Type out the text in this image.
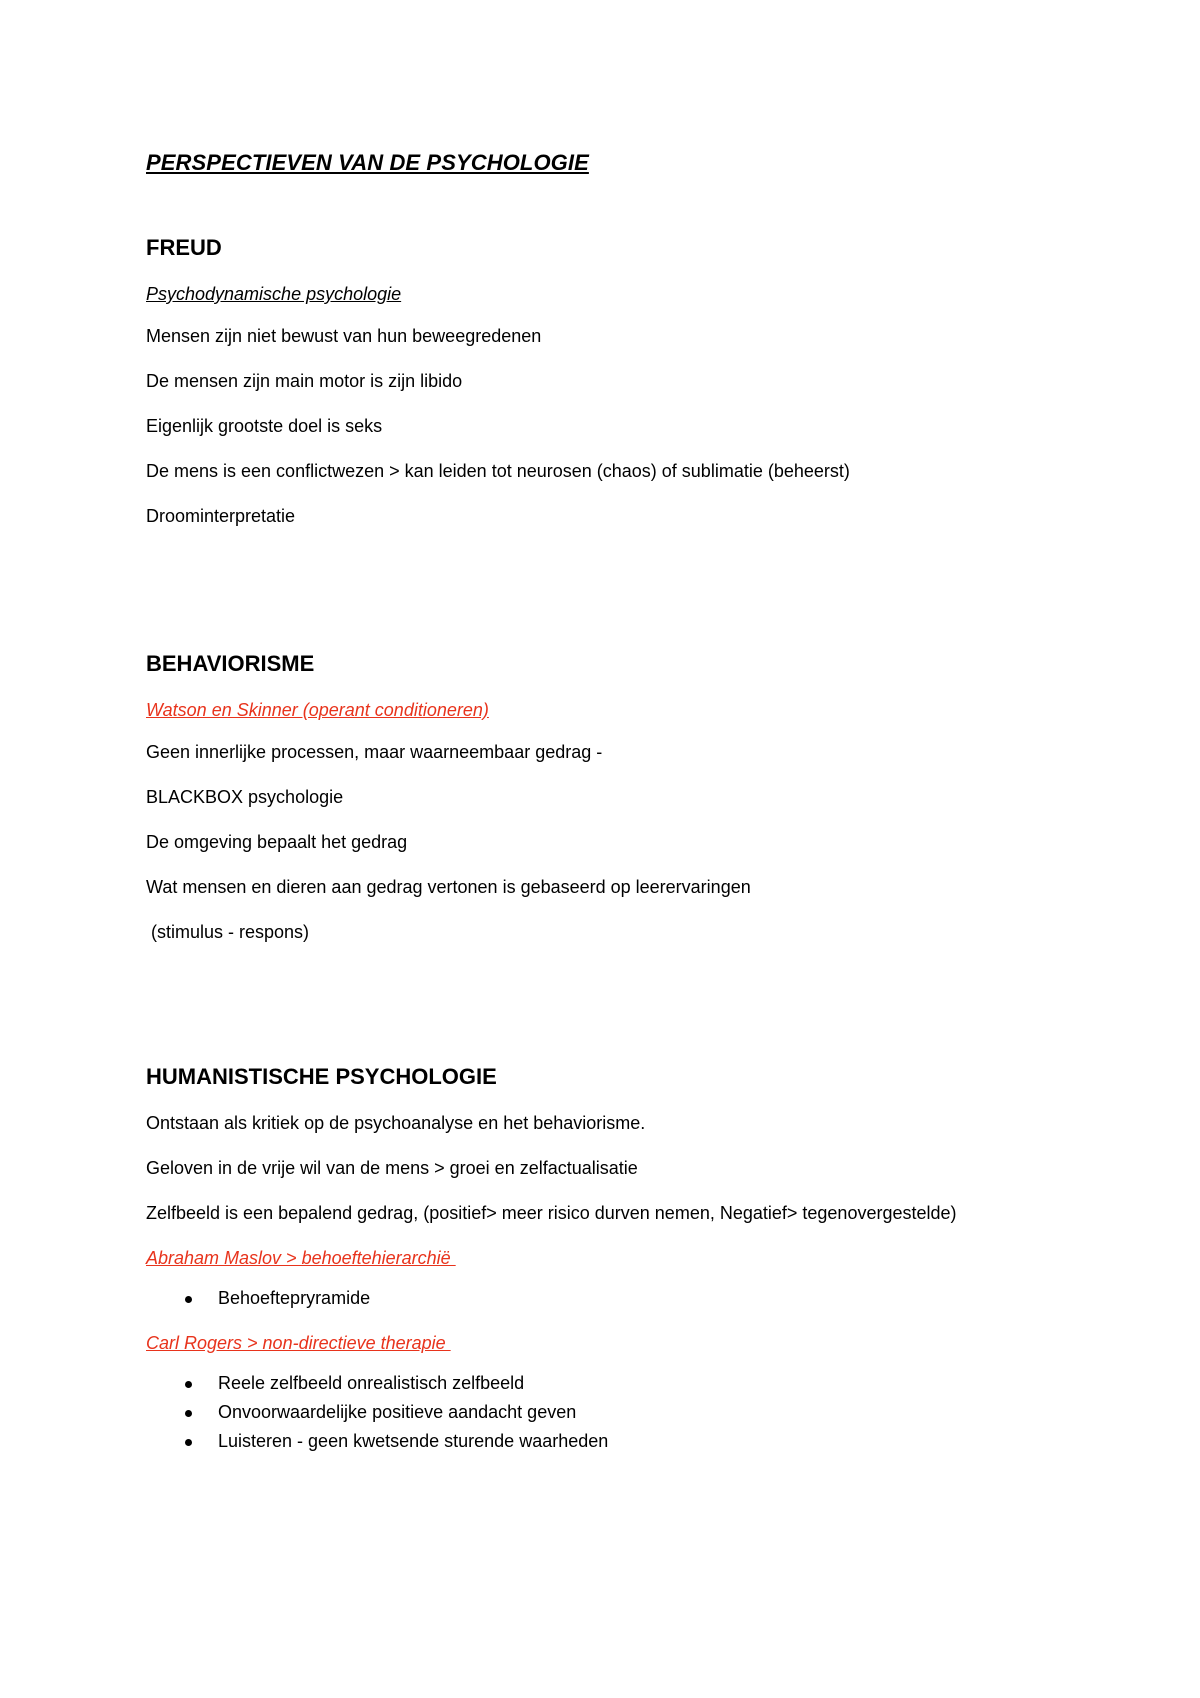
PERSPECTIEVEN VAN DE PSYCHOLOGIE
FREUD

Psychodynamische psychologie

Mensen zijn niet bewust van hun beweegredenen

De mensen zijn main motor is zijn libido

Eigenlijk grootste doel is seks

De mens is een conflictwezen > kan leiden tot neurosen (chaos) of sublimatie (beheerst)

Droominterpretatie

BEHAVIORISME

Watson en Skinner (operant conditioneren)

Geen innerlijke processen, maar waarneembaar gedrag -

BLACKBOX psychologie

De omgeving bepaalt het gedrag

Wat mensen en dieren aan gedrag vertonen is gebaseerd op leerervaringen

(stimulus - respons)

HUMANISTISCHE PSYCHOLOGIE

Ontstaan als kritiek op de psychoanalyse en het behaviorisme.

Geloven in de vrije wil van de mens > groei en zelfactualisatie

Zelfbeeld is een bepalend gedrag, (positief> meer risico durven nemen, Negatief> tegenovergestelde)

Abraham Maslov > behoeftehierarchië

Behoeftepryramide

Carl Rogers > non-directieve therapie

Reele zelfbeeld onrealistisch zelfbeeld
Onvoorwaardelijke positieve aandacht geven
Luisteren - geen kwetsende sturende waarheden
